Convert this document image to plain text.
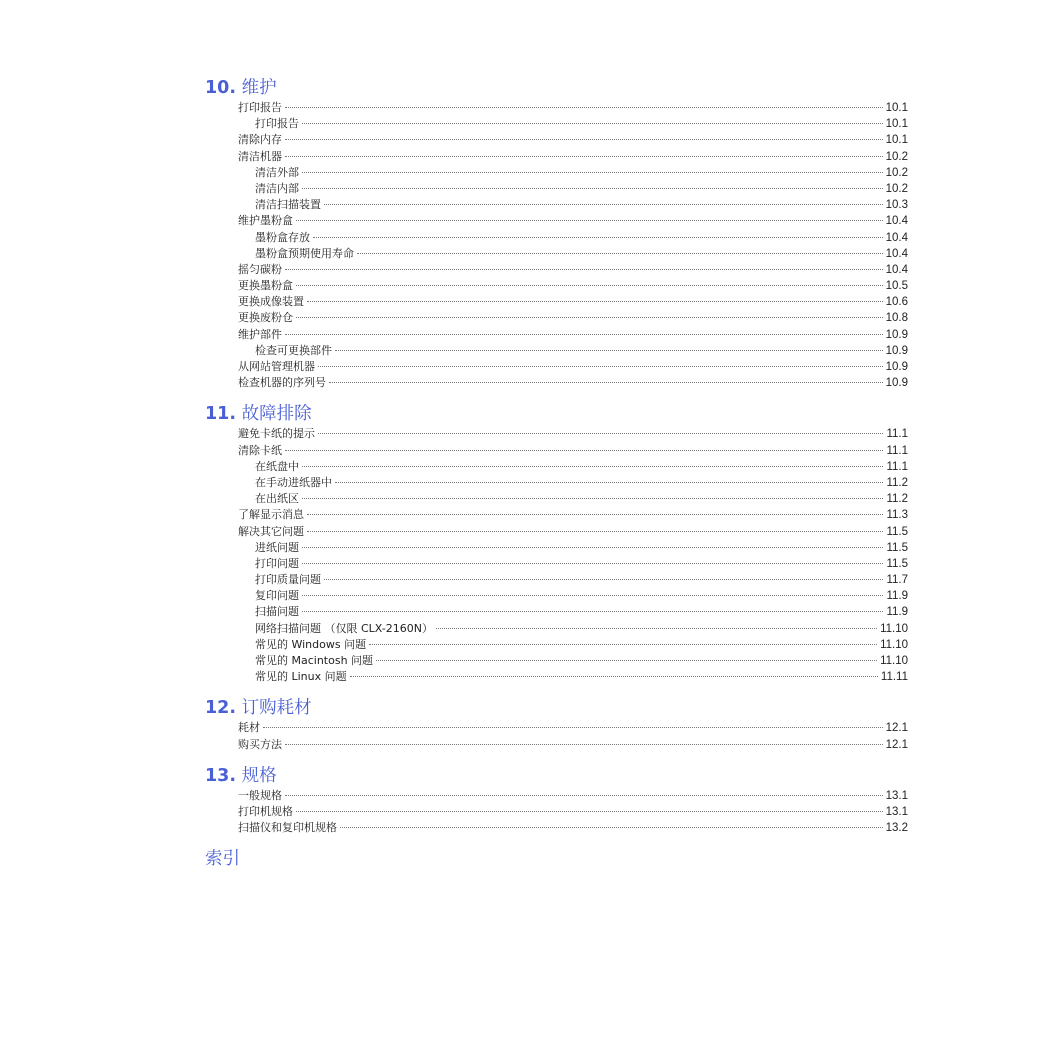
10. 维护
打印报告	10.1
打印报告	10.1
清除内存	10.1
清洁机器	10.2
清洁外部	10.2
清洁内部	10.2
清洁扫描装置	10.3
维护墨粉盒	10.4
墨粉盒存放	10.4
墨粉盒预期使用寿命	10.4
摇匀碳粉	10.4
更换墨粉盒	10.5
更换成像装置	10.6
更换废粉仓	10.8
维护部件	10.9
检查可更换部件	10.9
从网站管理机器	10.9
检查机器的序列号	10.9
11. 故障排除
避免卡纸的提示	11.1
清除卡纸	11.1
在纸盘中	11.1
在手动进纸器中	11.2
在出纸区	11.2
了解显示消息	11.3
解决其它问题	11.5
进纸问题	11.5
打印问题	11.5
打印质量问题	11.7
复印问题	11.9
扫描问题	11.9
网络扫描问题 （仅限 CLX-2160N）	11.10
常见的 Windows 问题	11.10
常见的 Macintosh 问题	11.10
常见的 Linux 问题	11.11
12. 订购耗材
耗材	12.1
购买方法	12.1
13. 规格
一般规格	13.1
打印机规格	13.1
扫描仪和复印机规格	13.2
索引
